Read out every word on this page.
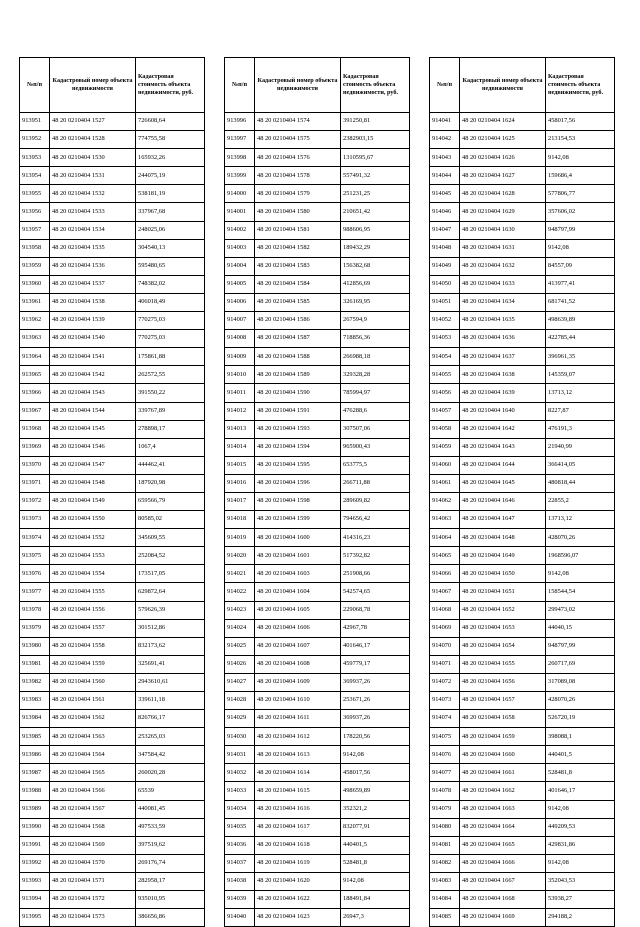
№п/п	Кадастровый номер объекта недвижимости	Кадастровая стоимость объекта недвижимости, руб.
913951	48 20 0210404 1527	726608,64
913952	48 20 0210404 1528	774755,58
913953	48 20 0210404 1530	165932,26
913954	48 20 0210404 1531	244075,19
913955	48 20 0210404 1532	538181,19
913956	48 20 0210404 1533	337967,68
913957	48 20 0210404 1534	248025,06
913958	48 20 0210404 1535	304540,13
913959	48 20 0210404 1536	595480,65
913960	48 20 0210404 1537	748382,02
913961	48 20 0210404 1538	406018,49
913962	48 20 0210404 1539	770275,03
913963	48 20 0210404 1540	770275,03
913964	48 20 0210404 1541	175861,88
913965	48 20 0210404 1542	262572,55
913966	48 20 0210404 1543	391550,22
913967	48 20 0210404 1544	339767,89
913968	48 20 0210404 1545	278898,17
913969	48 20 0210404 1546	1067,4
913970	48 20 0210404 1547	444462,41
913971	48 20 0210404 1548	187920,98
913972	48 20 0210404 1549	659566,79
913973	48 20 0210404 1550	80585,02
913974	48 20 0210404 1552	345609,55
913975	48 20 0210404 1553	252084,52
913976	48 20 0210404 1554	173517,05
913977	48 20 0210404 1555	629872,64
913978	48 20 0210404 1556	579626,39
913979	48 20 0210404 1557	301512,86
913980	48 20 0210404 1558	832173,62
913981	48 20 0210404 1559	325691,41
913982	48 20 0210404 1560	2943610,61
913983	48 20 0210404 1561	339611,18
913984	48 20 0210404 1562	826766,17
913985	48 20 0210404 1563	253265,03
913986	48 20 0210404 1564	347584,42
913987	48 20 0210404 1565	260020,28
913988	48 20 0210404 1566	65539
913989	48 20 0210404 1567	440081,45
913990	48 20 0210404 1568	497533,59
913991	48 20 0210404 1569	397519,62
913992	48 20 0210404 1570	269176,74
913993	48 20 0210404 1571	282958,17
913994	48 20 0210404 1572	935010,95
913995	48 20 0210404 1573	386656,86
№п/п	Кадастровый номер объекта недвижимости	Кадастровая стоимость объекта недвижимости, руб.
913996	48 20 0210404 1574	391250,81
913997	48 20 0210404 1575	2382903,15
913998	48 20 0210404 1576	1310595,67
913999	48 20 0210404 1578	557491,32
914000	48 20 0210404 1579	251231,25
914001	48 20 0210404 1580	210651,42
914002	48 20 0210404 1581	988606,95
914003	48 20 0210404 1582	189432,29
914004	48 20 0210404 1583	156382,68
914005	48 20 0210404 1584	412856,69
914006	48 20 0210404 1585	326169,95
914007	48 20 0210404 1586	267594,9
914008	48 20 0210404 1587	718856,36
914009	48 20 0210404 1588	266988,18
914010	48 20 0210404 1589	329328,28
914011	48 20 0210404 1590	785994,97
914012	48 20 0210404 1591	476288,6
914013	48 20 0210404 1593	307507,06
914014	48 20 0210404 1594	965900,43
914015	48 20 0210404 1595	653775,5
914016	48 20 0210404 1596	266711,88
914017	48 20 0210404 1598	289609,82
914018	48 20 0210404 1599	794656,42
914019	48 20 0210404 1600	414316,23
914020	48 20 0210404 1601	517392,82
914021	48 20 0210404 1603	251908,66
914022	48 20 0210404 1604	542574,65
914023	48 20 0210404 1605	229068,78
914024	48 20 0210404 1606	42967,78
914025	48 20 0210404 1607	401646,17
914026	48 20 0210404 1608	459779,17
914027	48 20 0210404 1609	369937,26
914028	48 20 0210404 1610	253671,26
914029	48 20 0210404 1611	369937,26
914030	48 20 0210404 1612	178220,56
914031	48 20 0210404 1613	9142,08
914032	48 20 0210404 1614	458017,56
914033	48 20 0210404 1615	498659,89
914034	48 20 0210404 1616	352321,2
914035	48 20 0210404 1617	832077,91
914036	48 20 0210404 1618	440401,5
914037	48 20 0210404 1619	528481,8
914038	48 20 0210404 1620	9142,08
914039	48 20 0210404 1622	188491,84
914040	48 20 0210404 1623	26947,3
№п/п	Кадастровый номер объекта недвижимости	Кадастровая стоимость объекта недвижимости, руб.
914041	48 20 0210404 1624	458017,56
914042	48 20 0210404 1625	213154,53
914043	48 20 0210404 1626	9142,08
914044	48 20 0210404 1627	159686,4
914045	48 20 0210404 1628	577806,77
914046	48 20 0210404 1629	357606,02
914047	48 20 0210404 1630	948797,99
914048	48 20 0210404 1631	9142,08
914049	48 20 0210404 1632	84557,09
914050	48 20 0210404 1633	413977,41
914051	48 20 0210404 1634	681741,52
914052	48 20 0210404 1635	498639,89
914053	48 20 0210404 1636	422785,44
914054	48 20 0210404 1637	396961,35
914055	48 20 0210404 1638	145359,07
914056	48 20 0210404 1639	13713,12
914057	48 20 0210404 1640	8227,87
914058	48 20 0210404 1642	476191,3
914059	48 20 0210404 1643	21940,99
914060	48 20 0210404 1644	366414,05
914061	48 20 0210404 1645	480818,44
914062	48 20 0210404 1646	22855,2
914063	48 20 0210404 1647	13713,12
914064	48 20 0210404 1648	428070,26
914065	48 20 0210404 1649	1968596,07
914066	48 20 0210404 1650	9142,08
914067	48 20 0210404 1651	158544,54
914068	48 20 0210404 1652	299473,02
914069	48 20 0210404 1653	44040,15
914070	48 20 0210404 1654	948797,99
914071	48 20 0210404 1655	260717,69
914072	48 20 0210404 1656	317089,08
914073	48 20 0210404 1657	428070,26
914074	48 20 0210404 1658	526720,19
914075	48 20 0210404 1659	398088,1
914076	48 20 0210404 1660	440401,5
914077	48 20 0210404 1661	528481,8
914078	48 20 0210404 1662	401646,17
914079	48 20 0210404 1663	9142,08
914080	48 20 0210404 1664	449209,53
914081	48 20 0210404 1665	429831,86
914082	48 20 0210404 1666	9142,08
914083	48 20 0210404 1667	352043,53
914084	48 20 0210404 1668	53938,27
914085	48 20 0210404 1669	294188,2
